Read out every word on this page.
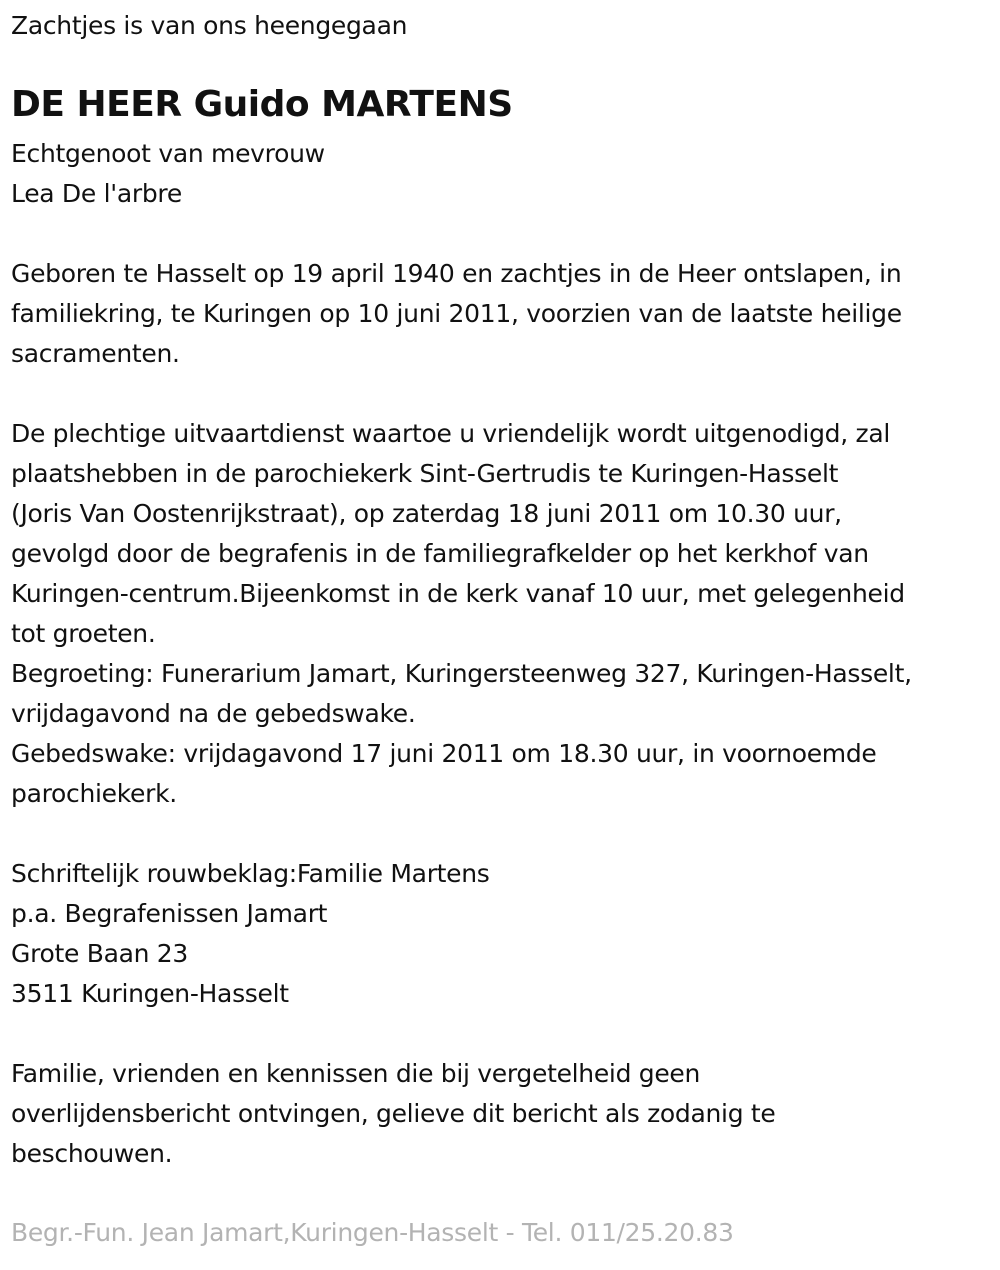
Zachtjes is van ons heengegaan
DE HEER Guido MARTENS
Echtgenoot van mevrouw
Lea De l'arbre
Geboren te Hasselt op 19 april 1940 en zachtjes in de Heer ontslapen, in
familiekring, te Kuringen op 10 juni 2011, voorzien van de laatste heilige
sacramenten.
De plechtige uitvaartdienst waartoe u vriendelijk wordt uitgenodigd, zal
plaatshebben in de parochiekerk Sint-Gertrudis te Kuringen-Hasselt
(Joris Van Oostenrijkstraat), op zaterdag 18 juni 2011 om 10.30 uur,
gevolgd door de begrafenis in de familiegrafkelder op het kerkhof van
Kuringen-centrum.Bijeenkomst in de kerk vanaf 10 uur, met gelegenheid
tot groeten.
Begroeting: Funerarium Jamart, Kuringersteenweg 327, Kuringen-Hasselt,
vrijdagavond na de gebedswake.
Gebedswake: vrijdagavond 17 juni 2011 om 18.30 uur, in voornoemde
parochiekerk.
Schriftelijk rouwbeklag:Familie Martens
p.a. Begrafenissen Jamart
Grote Baan 23
3511 Kuringen-Hasselt
Familie, vrienden en kennissen die bij vergetelheid geen
overlijdensbericht ontvingen, gelieve dit bericht als zodanig te
beschouwen.
Begr.-Fun. Jean Jamart,Kuringen-Hasselt - Tel. 011/25.20.83
